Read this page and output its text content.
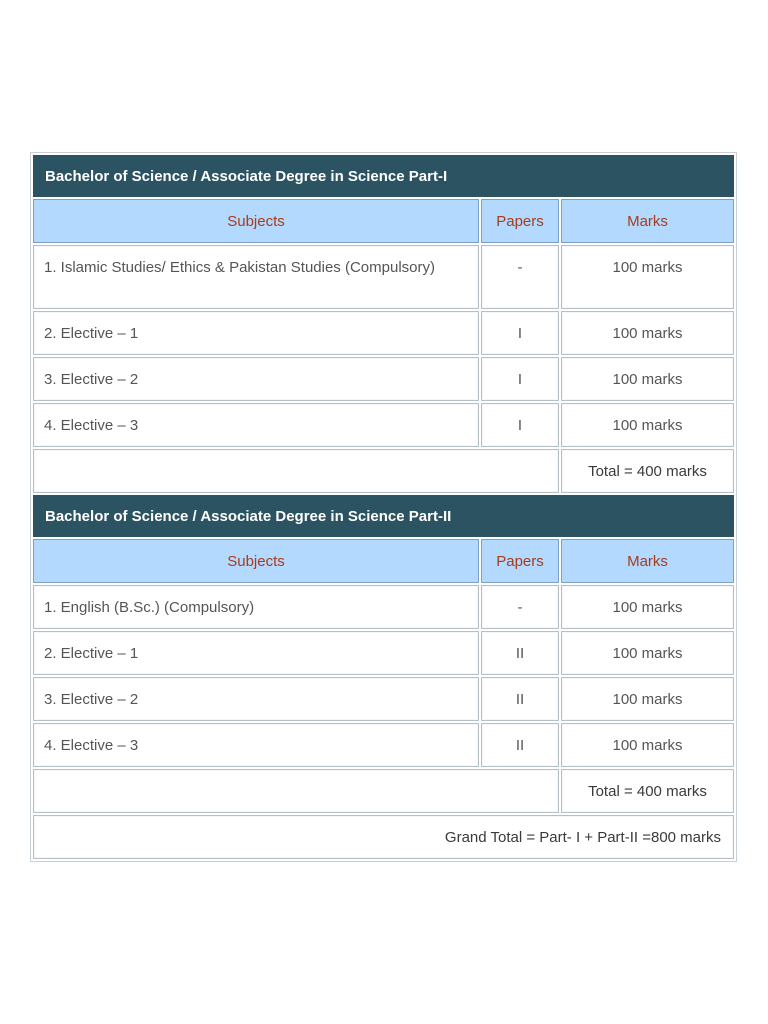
Bachelor of Science / Associate Degree in Science Part-I		
Subjects	Papers	Marks
1. Islamic Studies/ Ethics & Pakistan Studies (Compulsory)	-	100 marks
2. Elective – 1	I	100 marks
3. Elective – 2	I	100 marks
4. Elective – 3	I	100 marks
		Total = 400 marks
Bachelor of Science / Associate Degree in Science Part-II		
Subjects	Papers	Marks
1. English (B.Sc.) (Compulsory)	-	100 marks
2. Elective – 1	II	100 marks
3. Elective – 2	II	100 marks
4. Elective – 3	II	100 marks
		Total = 400 marks
Grand Total = Part- I + Part-II =800 marks		
